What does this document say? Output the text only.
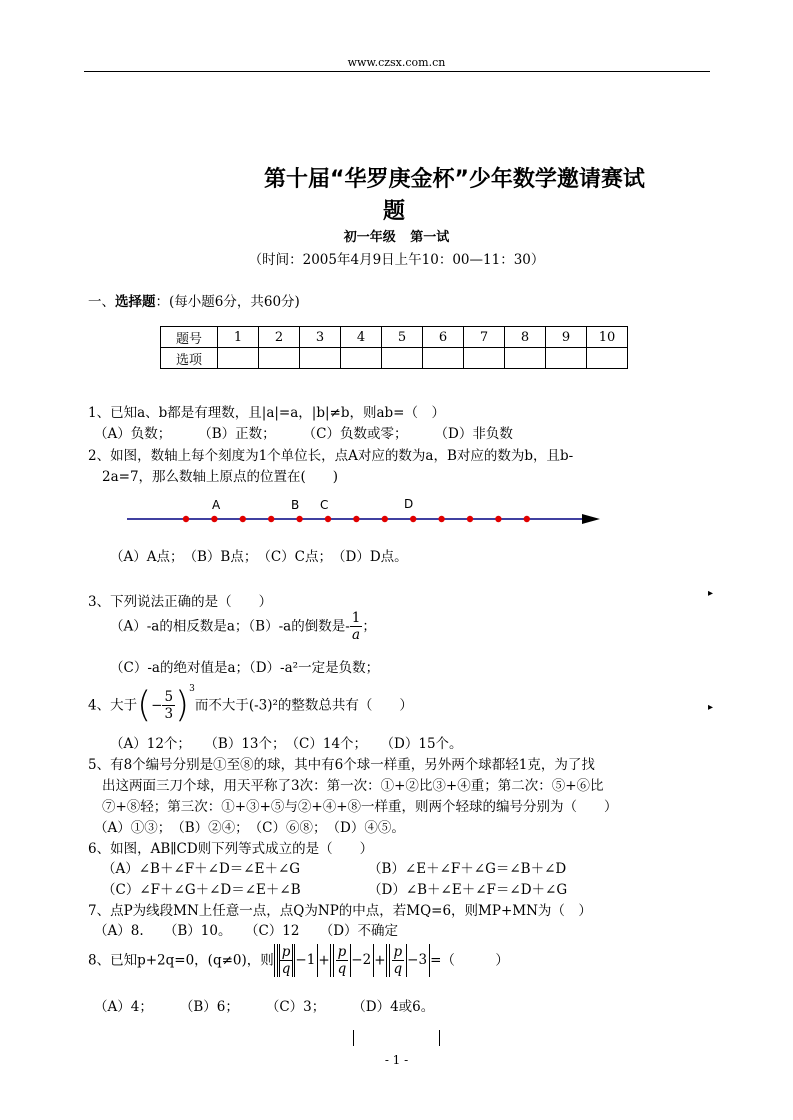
www.czsx.com.cn
第十届“华罗庚金杯”少年数学邀请赛试
题
初一年级 第一试
（时间：2005年4月9日上午10：00—11：30）
一、选择题：(每小题6分，共60分)
题号	1	2	3	4	5	6	7	8	9	10
选项										
1、已知a、b都是有理数，且|a|=a，|b|≠b，则ab=（　）
（A）负数；　　　（B）正数；　　　（C）负数或零；　　　（D）非负数
2、如图，数轴上每个刻度为1个单位长，点A对应的数为a，B对应的数为b，且b-
2a=7，那么数轴上原点的位置在(　　)
A	B C	D
（A）A点；　（B）B点；　（C）C点；　（D）D点。
3、下列说法正确的是（　　）
（A）-a的相反数是a；（B）-a的倒数是- $\frac{1}{a}$ ；
（C）-a的绝对值是a；（D）-a²一定是负数；
▸
4、大于(− $\frac{5}{3} )^3$而不大于(-3)²的整数总共有（　　）
（A）12个；　　（B）13个；　（C）14个；　　（D）15个。
▸
5、有8个编号分别是①至⑧的球，其中有6个球一样重，另外两个球都轻1克，为了找
出这两面三刀个球，用天平称了3次：第一次：①+②比③+④重；第二次：⑤+⑥比
⑦+⑧轻；第三次：①+③+⑤与②+④+⑧一样重，则两个轻球的编号分别为（　　）
（A）①③；　（B）②④；　（C）⑥⑧；　（D）④⑤。
6、如图，AB∥CD则下列等式成立的是（　　）
（A）∠B＋∠F＋∠D＝∠E＋∠G	（B）∠E＋∠F＋∠G＝∠B＋∠D
（C）∠F＋∠G＋∠D＝∠E＋∠B	（D）∠B＋∠E＋∠F＝∠D＋∠G
7、点P为线段MN上任意一点，点Q为NP的中点，若MQ=6，则MP+MN为（　）
（A）8.　　（B）10。　　（C）12　　（D）不确定
8、已知p+2q=0，(q≠0)，则 $\frac{p}{q} -1 + \frac{p}{q} -2 + \frac{p}{q} -3$ =（　　　）
（A）4；　　　（B）6；　　　（C）3；　　　（D）4或6。
- 1 -
